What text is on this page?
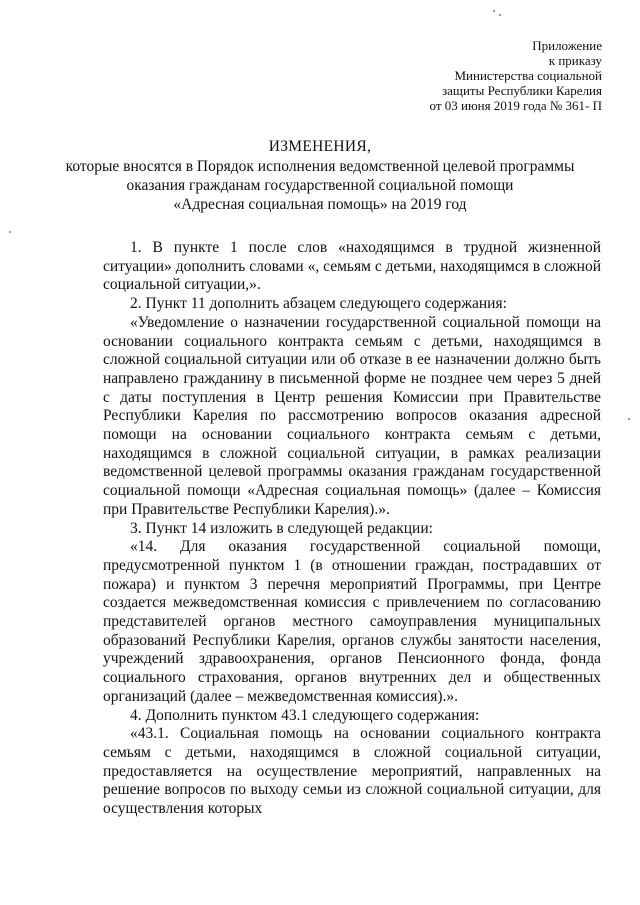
Приложение
к приказу
Министерства социальной
защиты Республики Карелия
от 03 июня 2019 года № 361- П
ИЗМЕНЕНИЯ,
которые вносятся в Порядок исполнения ведомственной целевой программы
оказания гражданам государственной социальной помощи
«Адресная социальная помощь» на 2019 год

1. В пункте 1 после слов «находящимся в трудной жизненной ситуации» дополнить словами «, семьям с детьми, находящимся в сложной социальной ситуации,».

2. Пункт 11 дополнить абзацем следующего содержания:

«Уведомление о назначении государственной социальной помощи на основании социального контракта семьям с детьми, находящимся в сложной социальной ситуации или об отказе в ее назначении должно быть направлено гражданину в письменной форме не позднее чем через 5 дней с даты поступления в Центр решения Комиссии при Правительстве Республики Карелия по рассмотрению вопросов оказания адресной помощи на основании социального контракта семьям с детьми, находящимся в сложной социальной ситуации, в рамках реализации ведомственной целевой программы оказания гражданам государственной социальной помощи «Адресная социальная помощь» (далее – Комиссия при Правительстве Республики Карелия).».

3. Пункт 14 изложить в следующей редакции:

«14. Для оказания государственной социальной помощи, предусмотренной пунктом 1 (в отношении граждан, пострадавших от пожара) и пунктом 3 перечня мероприятий Программы, при Центре создается межведомственная комиссия с привлечением по согласованию представителей органов местного самоуправления муниципальных образований Республики Карелия, органов службы занятости населения, учреждений здравоохранения, органов Пенсионного фонда, фонда социального страхования, органов внутренних дел и общественных организаций (далее – межведомственная комиссия).».

4. Дополнить пунктом 43.1 следующего содержания:

«43.1. Социальная помощь на основании социального контракта семьям с детьми, находящимся в сложной социальной ситуации, предоставляется на осуществление мероприятий, направленных на решение вопросов по выходу семьи из сложной социальной ситуации, для осуществления которых
